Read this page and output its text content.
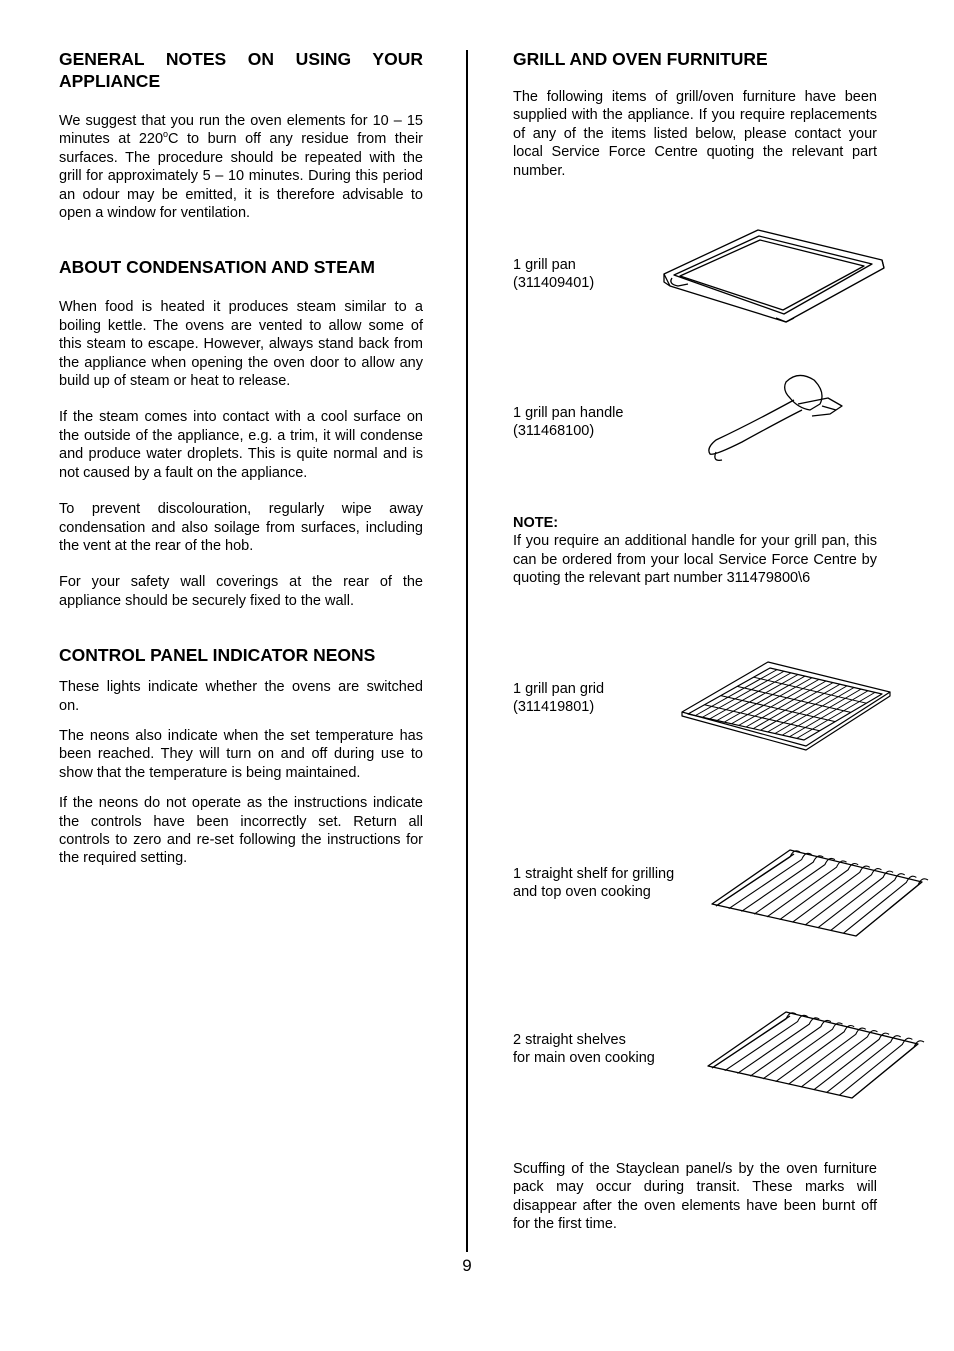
GENERAL NOTES ON USING YOUR APPLIANCE

We suggest that you run the oven elements for 10 – 15 minutes at 220$^o$C to burn off any residue from their surfaces. The procedure should be repeated with the grill for approximately 5 – 10 minutes. During this period an odour may be emitted, it is therefore advisable to open a window for ventilation.

ABOUT CONDENSATION AND STEAM

When food is heated it produces steam similar to a boiling kettle. The ovens are vented to allow some of this steam to escape. However, always stand back from the appliance when opening the oven door to allow any build up of steam or heat to release.

If the steam comes into contact with a cool surface on the outside of the appliance, e.g. a trim, it will condense and produce water droplets. This is quite normal and is not caused by a fault on the appliance.

To prevent discolouration, regularly wipe away condensation and also soilage from surfaces, including the vent at the rear of the hob.

For your safety wall coverings at the rear of the appliance should be securely fixed to the wall.

CONTROL PANEL INDICATOR NEONS

These lights indicate whether the ovens are switched on.

The neons also indicate when the set temperature has been reached. They will turn on and off during use to show that the temperature is being maintained.

If the neons do not operate as the instructions indicate the controls have been incorrectly set. Return all controls to zero and re-set following the instructions for the required setting.

GRILL AND OVEN FURNITURE

The following items of grill/oven furniture have been supplied with the appliance. If you require replacements of any of the items listed below, please contact your local Service Force Centre quoting the relevant part number.

1 grill pan
(311409401)
1 grill pan handle
(311468100)
NOTE:

If you require an additional handle for your grill pan, this can be ordered from your local Service Force Centre by quoting the relevant part number 311479800\6

1 grill pan grid
(311419801)
1 straight shelf for grilling
and top oven cooking
2 straight shelves
for main oven cooking

Scuffing of the Stayclean panel/s by the oven furniture pack may occur during transit. These marks will disappear after the oven elements have been burnt off for the first time.

9
